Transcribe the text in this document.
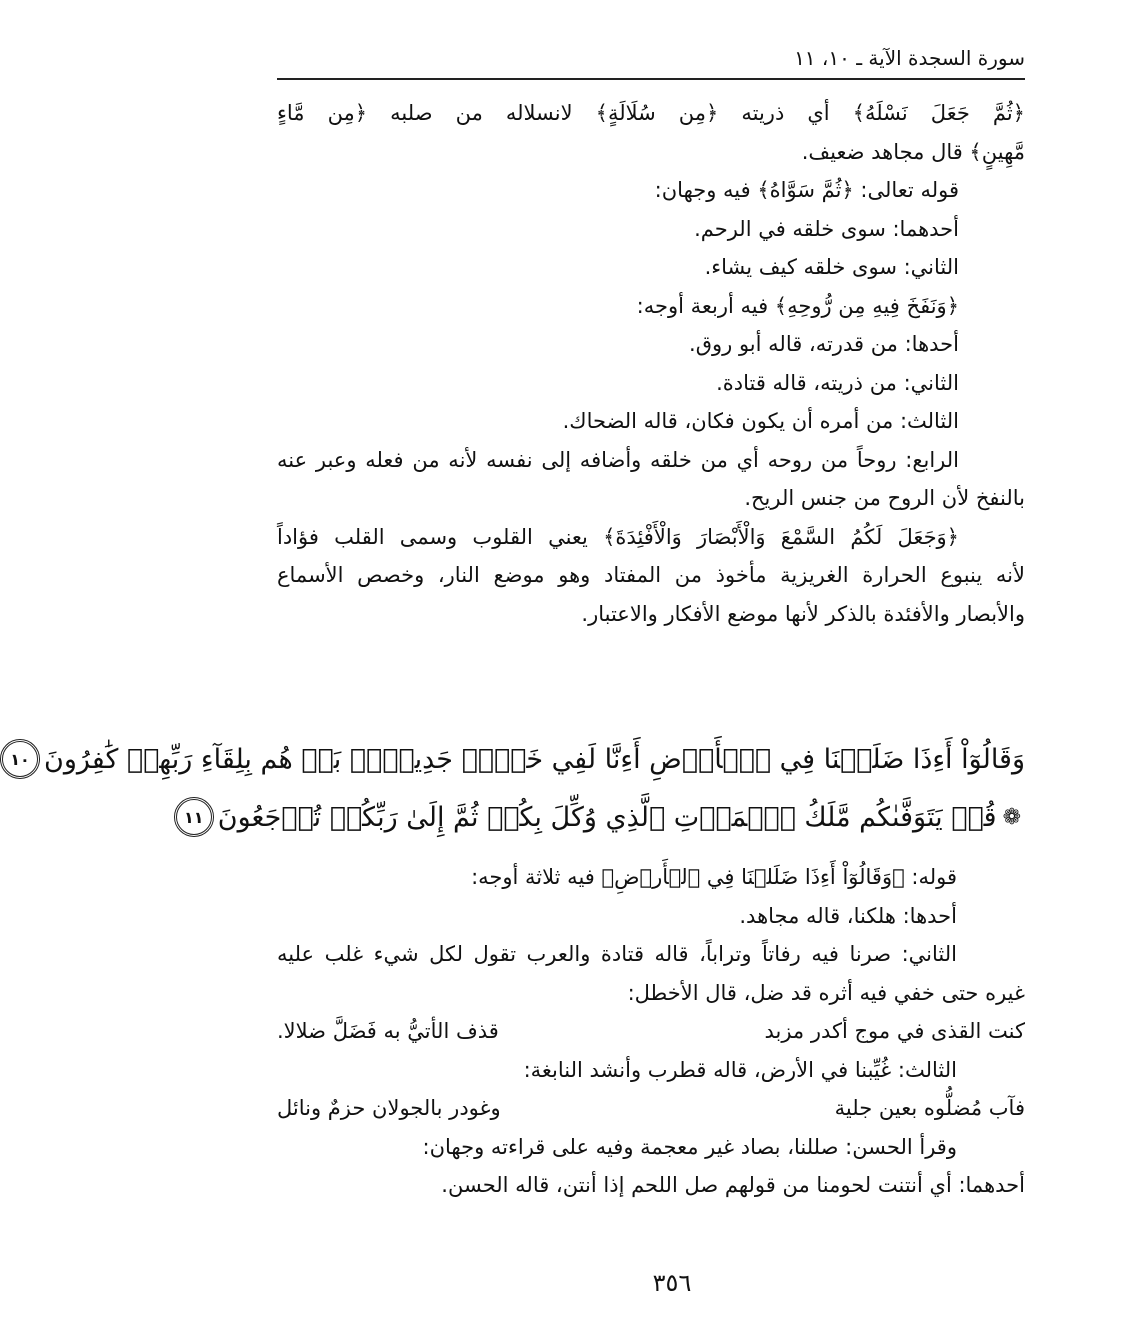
سورة السجدة الآية ـ ١٠، ١١
﴿ثُمَّ جَعَلَ نَسْلَهُ﴾ أي ذريته ﴿مِن سُلَالَةٍ﴾ لانسلاله من صلبه ﴿مِن مَّاءٍ
مَّهِينٍ﴾ قال مجاهد ضعيف.
قوله تعالى: ﴿ثُمَّ سَوَّاهُ﴾ فيه وجهان:
أحدهما: سوى خلقه في الرحم.
الثاني: سوى خلقه كيف يشاء.
﴿وَنَفَخَ فِيهِ مِن رُّوحِهِ﴾ فيه أربعة أوجه:
أحدها: من قدرته، قاله أبو روق.
الثاني: من ذريته، قاله قتادة.
الثالث: من أمره أن يكون فكان، قاله الضحاك.
الرابع: روحاً من روحه أي من خلقه وأضافه إلى نفسه لأنه من فعله وعبر عنه
بالنفخ لأن الروح من جنس الريح.
﴿وَجَعَلَ لَكُمُ السَّمْعَ وَالْأَبْصَارَ وَالْأَفْئِدَةَ﴾ يعني القلوب وسمى القلب فؤاداً
لأنه ينبوع الحرارة الغريزية مأخوذ من المفتاد وهو موضع النار، وخصص الأسماع
والأبصار والأفئدة بالذكر لأنها موضع الأفكار والاعتبار.
وَقَالُوٓاْ أَءِذَا ضَلَلۡنَا فِي ٱلۡأَرۡضِ أَءِنَّا لَفِي خَلۡقٖ جَدِيدِۢۚ بَلۡ هُم بِلِقَآءِ رَبِّهِمۡ كَٰفِرُونَ
١٠
❁
قُلۡ يَتَوَفَّىٰكُم مَّلَكُ ٱلۡمَوۡتِ ٱلَّذِي وُكِّلَ بِكُمۡ ثُمَّ إِلَىٰ رَبِّكُمۡ تُرۡجَعُونَ
١١
قوله: ﴿وَقَالُوٓاْ أَءِذَا ضَلَلۡنَا فِي ٱلۡأَرۡضِ﴾ فيه ثلاثة أوجه:
أحدها: هلكنا، قاله مجاهد.
الثاني: صرنا فيه رفاتاً وتراباً، قاله قتادة والعرب تقول لكل شيء غلب عليه
غيره حتى خفي فيه أثره قد ضل، قال الأخطل:
كنت القذى في موج أكدر مزبد
قذف الأتيُّ به فَضَلَّ ضلالا.
الثالث: غُيِّبنا في الأرض، قاله قطرب وأنشد النابغة:
فآب مُضلُّوه بعين جلية
وغودر بالجولان حزمٌ ونائل
وقرأ الحسن: صللنا، بصاد غير معجمة وفيه على قراءته وجهان:
أحدهما: أي أنتنت لحومنا من قولهم صل اللحم إذا أنتن، قاله الحسن.
٣٥٦
